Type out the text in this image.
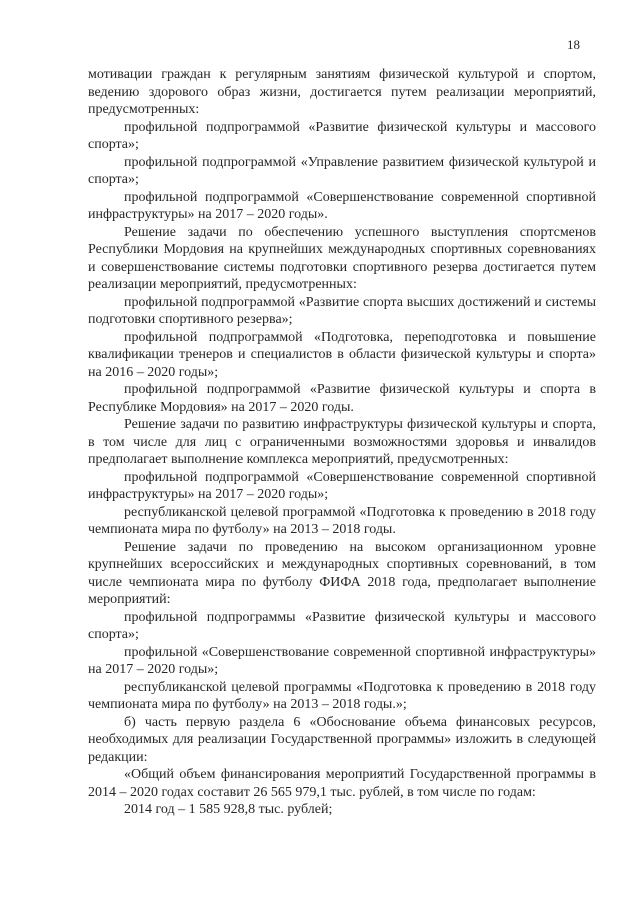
18

мотивации граждан к регулярным занятиям физической культурой и спортом, ведению здорового образ жизни, достигается путем реализации мероприятий, предусмотренных:

профильной подпрограммой «Развитие физической культуры и массового спорта»;

профильной подпрограммой «Управление развитием физической культурой и спорта»;

профильной подпрограммой «Совершенствование современной спортивной инфраструктуры» на 2017 – 2020 годы».

Решение задачи по обеспечению успешного выступления спортсменов Республики Мордовия на крупнейших международных спортивных соревнованиях и совершенствование системы подготовки спортивного резерва достигается путем реализации мероприятий, предусмотренных:

профильной подпрограммой «Развитие спорта высших достижений и системы подготовки спортивного резерва»;

профильной подпрограммой «Подготовка, переподготовка и повышение квалификации тренеров и специалистов в области физической культуры и спорта» на 2016 – 2020 годы»;

профильной подпрограммой «Развитие физической культуры и спорта в Республике Мордовия» на 2017 – 2020 годы.

Решение задачи по развитию инфраструктуры физической культуры и спорта, в том числе для лиц с ограниченными возможностями здоровья и инвалидов предполагает выполнение комплекса мероприятий, предусмотренных:

профильной подпрограммой «Совершенствование современной спортивной инфраструктуры» на 2017 – 2020 годы»;

республиканской целевой программой «Подготовка к проведению в 2018 году чемпионата мира по футболу» на 2013 – 2018 годы.

Решение задачи по проведению на высоком организационном уровне крупнейших всероссийских и международных спортивных соревнований, в том числе чемпионата мира по футболу ФИФА 2018 года, предполагает выполнение мероприятий:

профильной подпрограммы «Развитие физической культуры и массового спорта»;

профильной «Совершенствование современной спортивной инфраструктуры» на 2017 – 2020 годы»;

республиканской целевой программы «Подготовка к проведению в 2018 году чемпионата мира по футболу» на 2013 – 2018 годы.»;

б) часть первую раздела 6 «Обоснование объема финансовых ресурсов, необходимых для реализации Государственной программы» изложить в следующей редакции:

«Общий объем финансирования мероприятий Государственной программы в 2014 – 2020 годах составит 26 565 979,1 тыс. рублей, в том числе по годам:

2014 год – 1 585 928,8 тыс. рублей;
